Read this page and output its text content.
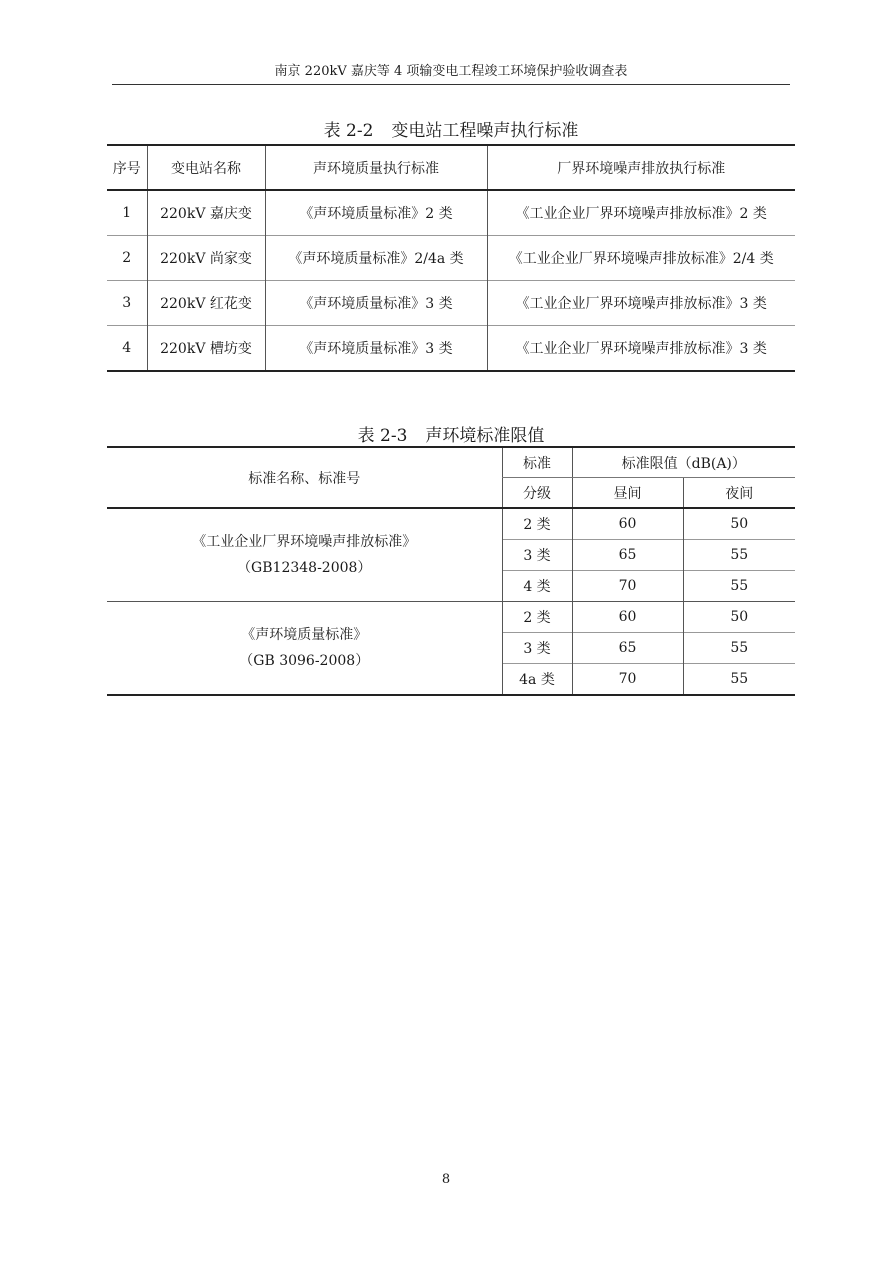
南京 220kV 嘉庆等 4 项输变电工程竣工环境保护验收调查表
表 2-2 变电站工程噪声执行标准
序号	变电站名称	声环境质量执行标准	厂界环境噪声排放执行标准
1	220kV 嘉庆变	《声环境质量标准》2 类	《工业企业厂界环境噪声排放标准》2 类
2	220kV 尚家变	《声环境质量标准》2/4a 类	《工业企业厂界环境噪声排放标准》2/4 类
3	220kV 红花变	《声环境质量标准》3 类	《工业企业厂界环境噪声排放标准》3 类
4	220kV 槽坊变	《声环境质量标准》3 类	《工业企业厂界环境噪声排放标准》3 类
表 2-3 声环境标准限值
标准名称、标准号	标准	标准限值（dB(A)）	
	分级	昼间	夜间

《工业企业厂界环境噪声排放标准》
（GB12348-2008）	2 类	60	50
	3 类	65	55
	4 类	70	55

《声环境质量标准》
（GB 3096-2008）	2 类	60	50
	3 类	65	55
	4a 类	70	55
8
